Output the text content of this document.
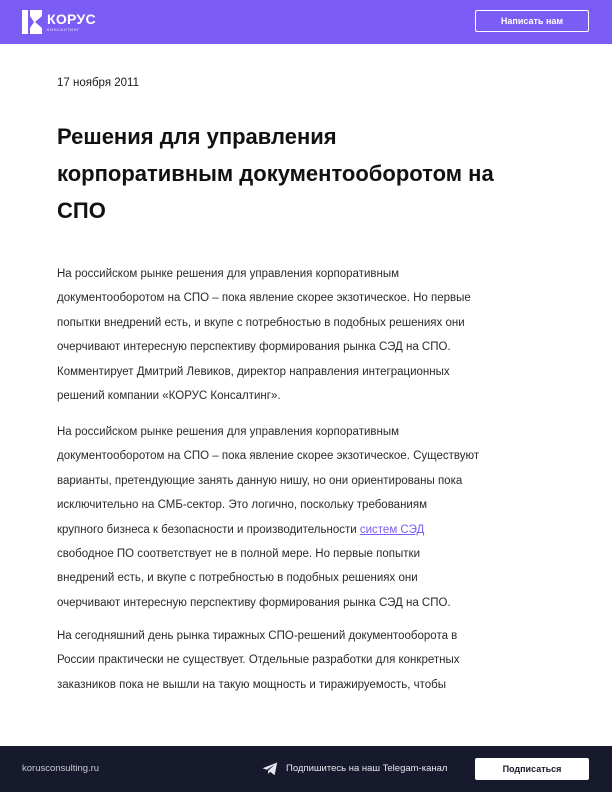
КОРУС
КОНСАЛТИНГ
Написать нам
17 ноября 2011
Решения для управления
корпоративным документооборотом на
СПО

На российском рынке решения для управления корпоративным
документооборотом на СПО – пока явление скорее экзотическое. Но первые
попытки внедрений есть, и вкупе с потребностью в подобных решениях они
очерчивают интересную перспективу формирования рынка СЭД на СПО.
Комментирует Дмитрий Левиков, директор направления интеграционных
решений компании «КОРУС Консалтинг».

На российском рынке решения для управления корпоративным
документооборотом на СПО – пока явление скорее экзотическое. Существуют
варианты, претендующие занять данную нишу, но они ориентированы пока
исключительно на СМБ-сектор. Это логично, поскольку требованиям
крупного бизнеса к безопасности и производительности систем СЭД
свободное ПО соответствует не в полной мере. Но первые попытки
внедрений есть, и вкупе с потребностью в подобных решениях они
очерчивают интересную перспективу формирования рынка СЭД на СПО.

На сегодняшний день рынка тиражных СПО-решений документооборота в
России практически не существует. Отдельные разработки для конкретных
заказников пока не вышли на такую мощность и тиражируемость, чтобы

korusconsulting.ru	Подпишитесь на наш Telegam-канал	Подписаться
